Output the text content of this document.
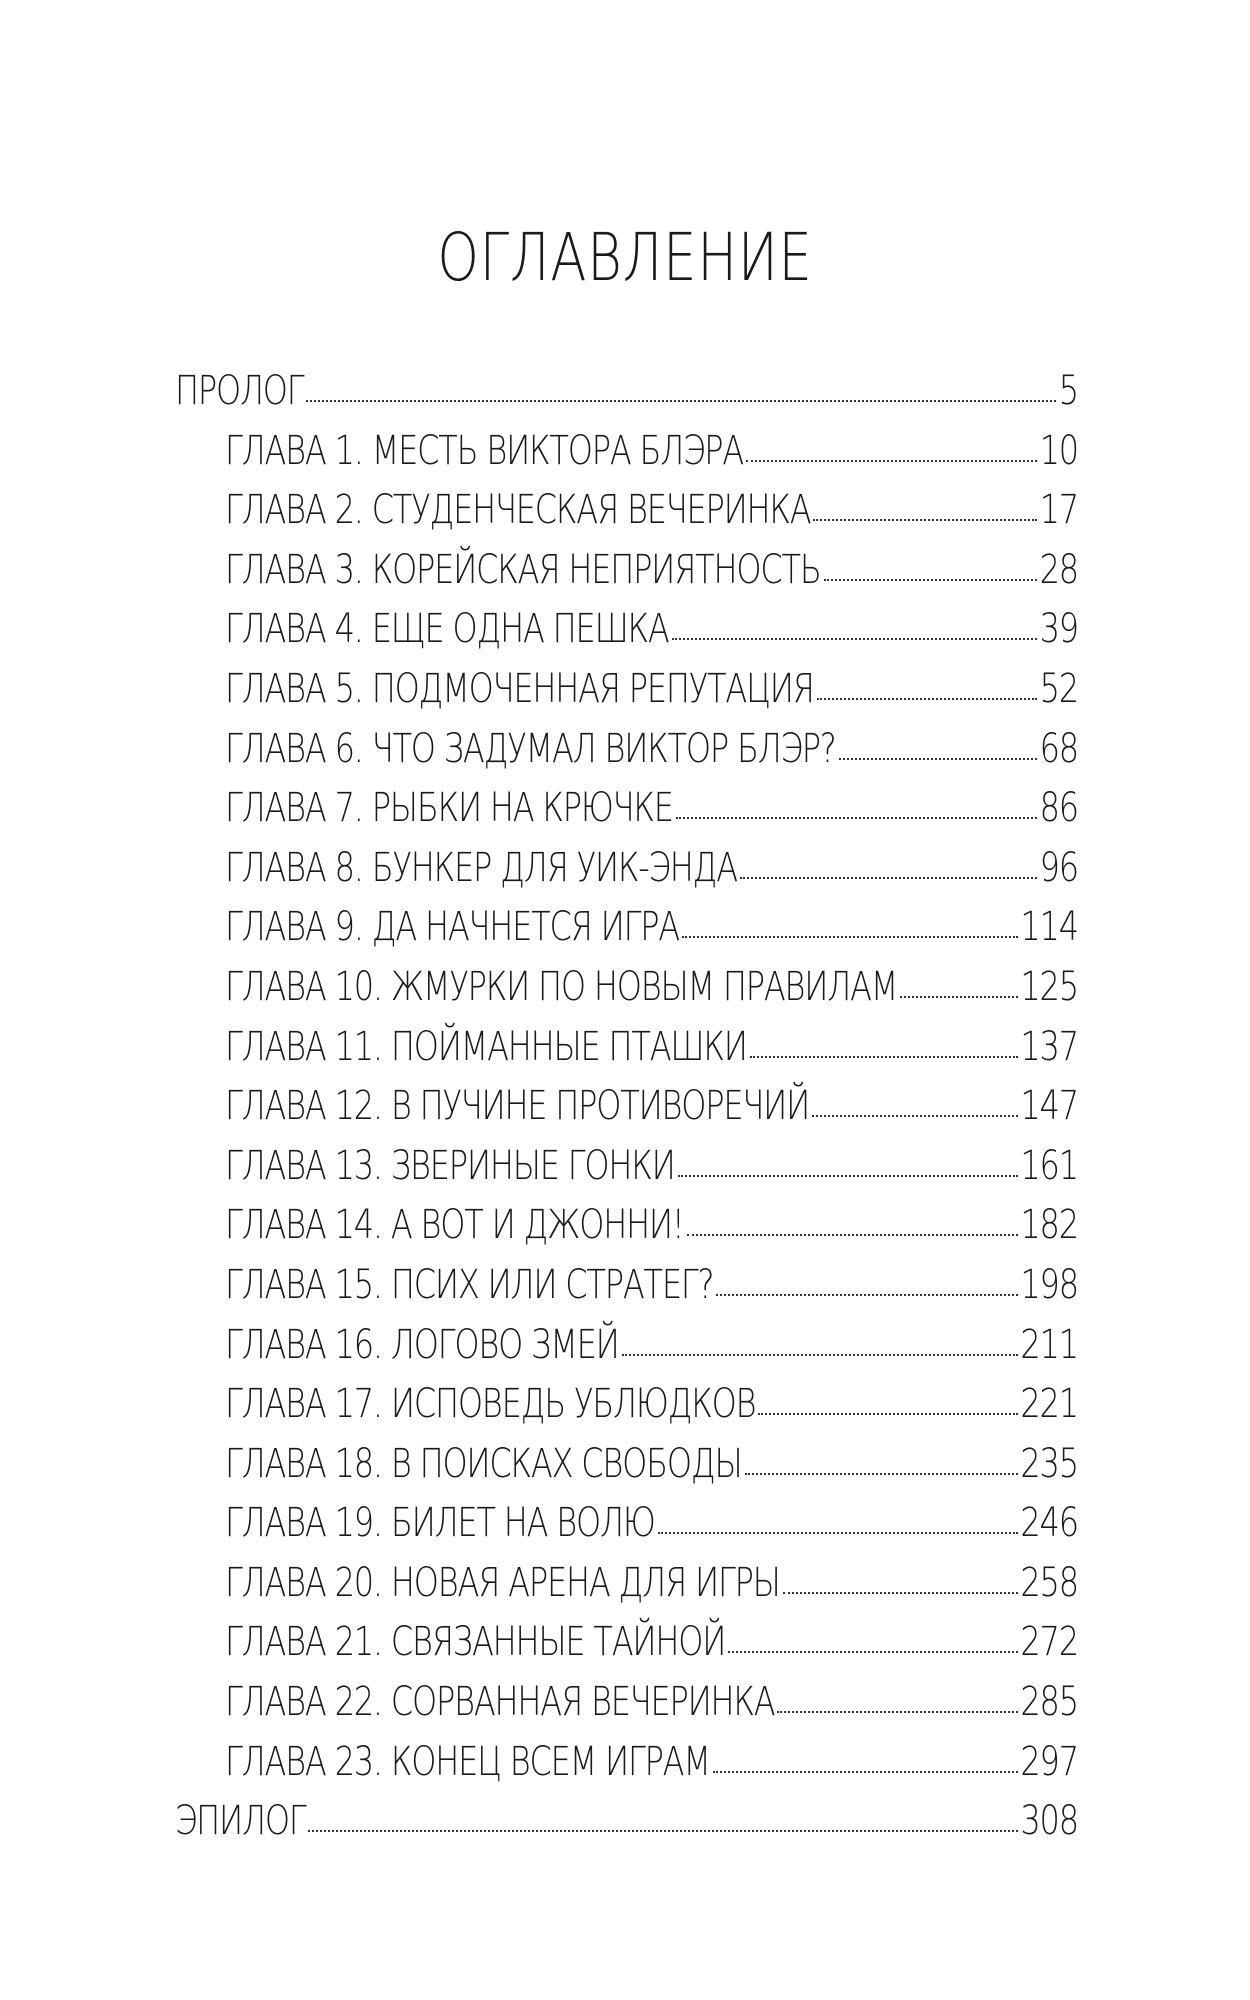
ОГЛАВЛЕНИЕ
ПРОЛОГ	5
ГЛАВА 1. МЕСТЬ ВИКТОРА БЛЭРА	10
ГЛАВА 2. СТУДЕНЧЕСКАЯ ВЕЧЕРИНКА	17
ГЛАВА 3. КОРЕЙСКАЯ НЕПРИЯТНОСТЬ	28
ГЛАВА 4. ЕЩЕ ОДНА ПЕШКА	39
ГЛАВА 5. ПОДМОЧЕННАЯ РЕПУТАЦИЯ	52
ГЛАВА 6. ЧТО ЗАДУМАЛ ВИКТОР БЛЭР?	68
ГЛАВА 7. РЫБКИ НА КРЮЧКЕ	86
ГЛАВА 8. БУНКЕР ДЛЯ УИК-ЭНДА	96
ГЛАВА 9. ДА НАЧНЕТСЯ ИГРА	114
ГЛАВА 10. ЖМУРКИ ПО НОВЫМ ПРАВИЛАМ	125
ГЛАВА 11. ПОЙМАННЫЕ ПТАШКИ	137
ГЛАВА 12. В ПУЧИНЕ ПРОТИВОРЕЧИЙ	147
ГЛАВА 13. ЗВЕРИНЫЕ ГОНКИ	161
ГЛАВА 14. А ВОТ И ДЖОННИ!	182
ГЛАВА 15. ПСИХ ИЛИ СТРАТЕГ?	198
ГЛАВА 16. ЛОГОВО ЗМЕЙ	211
ГЛАВА 17. ИСПОВЕДЬ УБЛЮДКОВ	221
ГЛАВА 18. В ПОИСКАХ СВОБОДЫ	235
ГЛАВА 19. БИЛЕТ НА ВОЛЮ	246
ГЛАВА 20. НОВАЯ АРЕНА ДЛЯ ИГРЫ	258
ГЛАВА 21. СВЯЗАННЫЕ ТАЙНОЙ	272
ГЛАВА 22. СОРВАННАЯ ВЕЧЕРИНКА	285
ГЛАВА 23. КОНЕЦ ВСЕМ ИГРАМ	297
ЭПИЛОГ	308
